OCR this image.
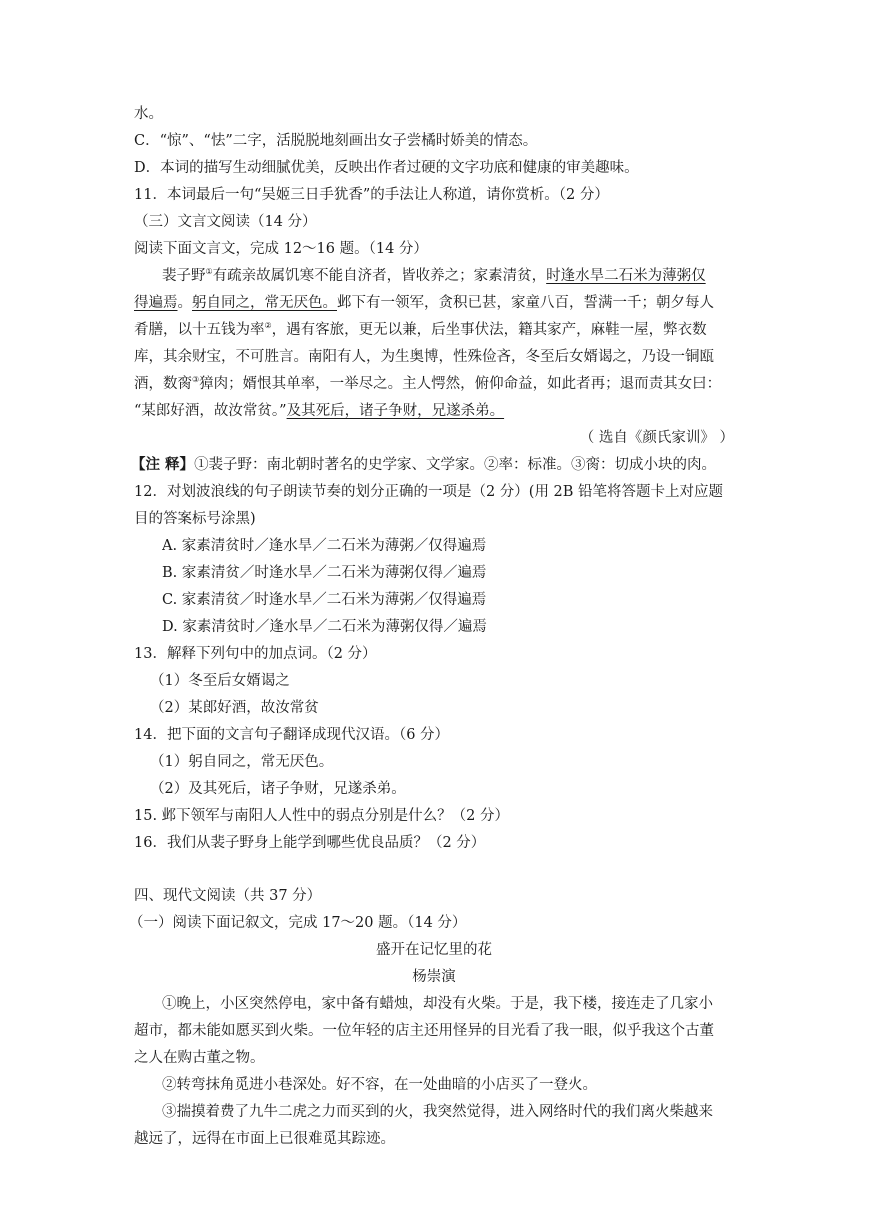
水。
C．“惊”、“怯”二字，活脱脱地刻画出女子尝橘时娇美的情态。
D．本词的描写生动细腻优美，反映出作者过硬的文字功底和健康的审美趣味。
11．本词最后一句“吴姬三日手犹香”的手法让人称道，请你赏析。（2 分）
（三）文言文阅读（14 分）
阅读下面文言文，完成 12～16 题。（14 分）
裴子野①有疏亲故属饥寒不能自济者，皆收养之；家素清贫，时逢水旱二石米为薄粥仅
得遍焉。躬自同之，常无厌色。邺下有一领军，贪积已甚，家童八百，誓满一千；朝夕每人
肴膳，以十五钱为率②，遇有客旅，更无以兼，后坐事伏法，籍其家产，麻鞋一屋，弊衣数
库，其余财宝，不可胜言。南阳有人，为生奥博，性殊俭吝，冬至后女婿谒之，乃设一铜瓯
酒，数脔③獐肉；婿恨其单率，一举尽之。主人愕然，俯仰命益，如此者再；退而责其女曰：
“某郎好酒，故汝常贫。”及其死后，诸子争财，兄遂杀弟。
（ 选自《颜氏家训》 ）
【注 释】①裴子野：南北朝时著名的史学家、文学家。②率：标准。③脔：切成小块的肉。
12．对划波浪线的句子朗读节奏的划分正确的一项是（2 分）(用 2B 铅笔将答题卡上对应题
目的答案标号涂黑)
A. 家素清贫时／逢水旱／二石米为薄粥／仅得遍焉
B. 家素清贫／时逢水旱／二石米为薄粥仅得／遍焉
C. 家素清贫／时逢水旱／二石米为薄粥／仅得遍焉
D. 家素清贫时／逢水旱／二石米为薄粥仅得／遍焉
13．解释下列句中的加点词。（2 分）
（1）冬至后女婿谒之
（2）某郎好酒，故汝常贫
14．把下面的文言句子翻译成现代汉语。（6 分）
（1）躬自同之，常无厌色。
（2）及其死后，诸子争财，兄遂杀弟。
15. 邺下领军与南阳人人性中的弱点分别是什么？（2 分）
16．我们从裴子野身上能学到哪些优良品质？（2 分）
四、现代文阅读（共 37 分）
（一）阅读下面记叙文，完成 17～20 题。（14 分）
盛开在记忆里的花
杨崇演
①晚上，小区突然停电，家中备有蜡烛，却没有火柴。于是，我下楼，接连走了几家小
超市，都未能如愿买到火柴。一位年轻的店主还用怪异的目光看了我一眼，似乎我这个古董
之人在购古董之物。
②转弯抹角觅进小巷深处。好不容，在一处曲暗的小店买了一登火。
③揣摸着费了九牛二虎之力而买到的火，我突然觉得，进入网络时代的我们离火柴越来
越远了，远得在市面上已很难觅其踪迹。
